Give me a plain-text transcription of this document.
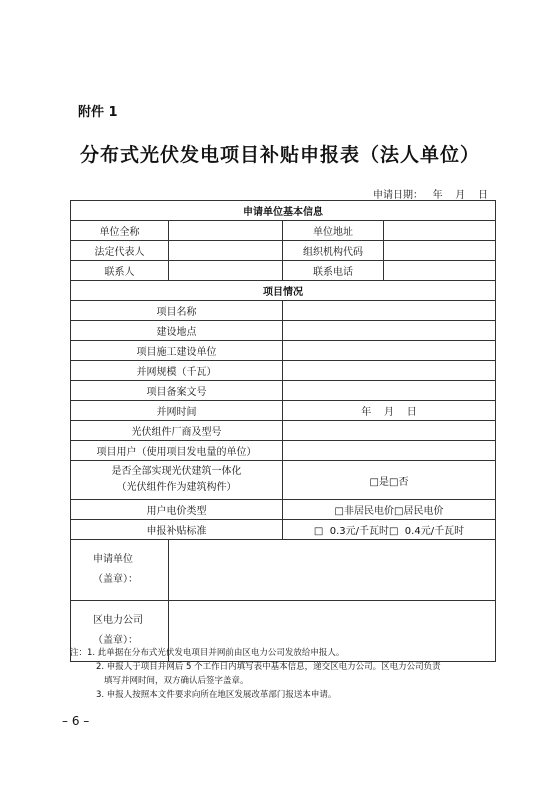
附件 1
分布式光伏发电项目补贴申报表（法人单位）
申请日期：   年    月    日
申请单位基本信息			
单位全称		单位地址	
法定代表人		组织机构代码	
联系人		联系电话	
项目情况			
项目名称			
建设地点			
项目施工建设单位			
并网规模（千瓦）			
项目备案文号			
并网时间		年    月    日	
光伏组件厂商及型号			
项目用户（使用项目发电量的单位）			

是否全部实现光伏建筑一体化
（光伏组件作为建筑构件）		□是□否	
用户电价类型		□非居民电价□居民电价	
申报补贴标准		□  0.3元/千瓦时□  0.4元/千瓦时	

申请单位
（盖章）：			

区电力公司
（盖章）：			

注：1. 此单据在分布式光伏发电项目并网前由区电力公司发放给申报人。
2. 申报人于项目并网后 5 个工作日内填写表中基本信息，递交区电力公司。区电力公司负责
填写并网时间，双方确认后签字盖章。
3. 申报人按照本文件要求向所在地区发展改革部门报送本申请。
– 6 –
